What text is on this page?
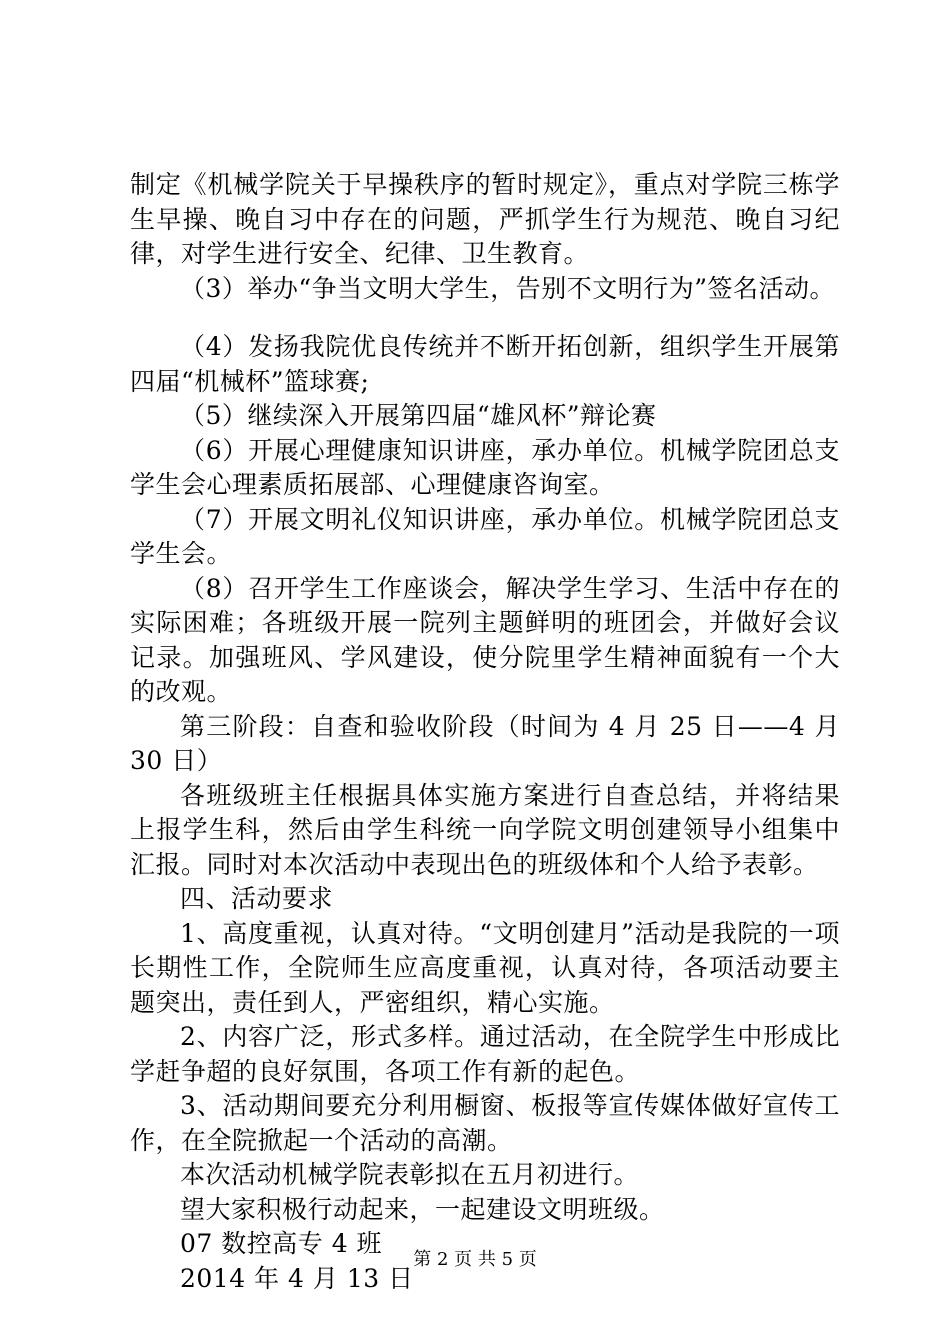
制定《机械学院关于早操秩序的暂时规定》，重点对学院三栋学生早操、晚自习中存在的问题，严抓学生行为规范、晚自习纪律，对学生进行安全、纪律、卫生教育。

（3）举办“争当文明大学生，告别不文明行为”签名活动。

（4）发扬我院优良传统并不断开拓创新，组织学生开展第四届“机械杯”篮球赛;

（5）继续深入开展第四届“雄风杯”辩论赛

（6）开展心理健康知识讲座，承办单位。机械学院团总支学生会心理素质拓展部、心理健康咨询室。

（7）开展文明礼仪知识讲座，承办单位。机械学院团总支学生会。

（8）召开学生工作座谈会，解决学生学习、生活中存在的实际困难；各班级开展一院列主题鲜明的班团会，并做好会议记录。加强班风、学风建设，使分院里学生精神面貌有一个大的改观。

第三阶段：自查和验收阶段（时间为 4 月 25 日——4 月 30 日）

各班级班主任根据具体实施方案进行自查总结，并将结果上报学生科，然后由学生科统一向学院文明创建领导小组集中汇报。同时对本次活动中表现出色的班级体和个人给予表彰。

四、活动要求

1、高度重视，认真对待。“文明创建月”活动是我院的一项长期性工作，全院师生应高度重视，认真对待，各项活动要主题突出，责任到人，严密组织，精心实施。

2、内容广泛，形式多样。通过活动，在全院学生中形成比学赶争超的良好氛围，各项工作有新的起色。

3、活动期间要充分利用橱窗、板报等宣传媒体做好宣传工作，在全院掀起一个活动的高潮。

本次活动机械学院表彰拟在五月初进行。

望大家积极行动起来，一起建设文明班级。

07 数控高专 4 班

2014 年 4 月 13 日

第 2 页 共 5 页
